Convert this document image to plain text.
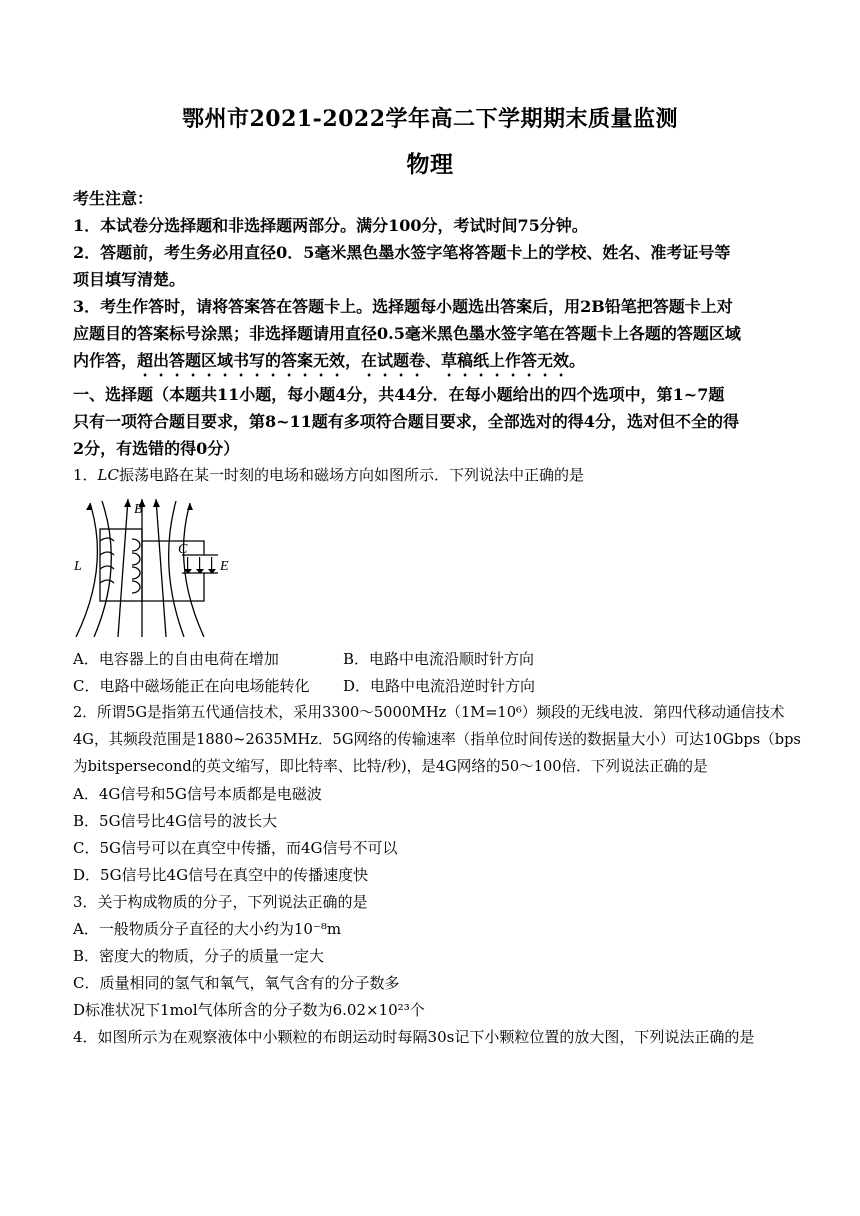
鄂州市2021-2022学年高二下学期期末质量监测
物理
考生注意：
1．本试卷分选择题和非选择题两部分。满分100分，考试时间75分钟。
2．答题前，考生务必用直径0．5毫米黑色墨水签字笔将答题卡上的学校、姓名、准考证号等
项目填写清楚。
3．考生作答时，请将答案答在答题卡上。选择题每小题选出答案后，用2B铅笔把答题卡上对
应题目的答案标号涂黑；非选择题请用直径0.5毫米黑色墨水签字笔在答题卡上各题的答题区域
内作答，超出答题区域书写的答案无效，在试题卷、草稿纸上作答无效。
一、选择题（本题共11小题，每小题4分，共44分．在每小题给出的四个选项中，第1~7题
只有一项符合题目要求，第8~11题有多项符合题目要求，全部选对的得4分，选对但不全的得
2分，有选错的得0分）
1．LC振荡电路在某一时刻的电场和磁场方向如图所示．下列说法中正确的是
B
C
L	E
A．电容器上的自由电荷在增加	B．电路中电流沿顺时针方向
C．电路中磁场能正在向电场能转化	D．电路中电流沿逆时针方向
2．所谓5G是指第五代通信技术，采用3300～5000MHz（1M=10⁶）频段的无线电波．第四代移动通信技术
4G，其频段范围是1880~2635MHz．5G网络的传输速率（指单位时间传送的数据量大小）可达10Gbps（bps
为bitspersecond的英文缩写，即比特率、比特/秒)，是4G网络的50～100倍．下列说法正确的是
A．4G信号和5G信号本质都是电磁波
B．5G信号比4G信号的波长大
C．5G信号可以在真空中传播，而4G信号不可以
D．5G信号比4G信号在真空中的传播速度快
3．关于构成物质的分子，下列说法正确的是
A．一般物质分子直径的大小约为10⁻⁸m
B．密度大的物质，分子的质量一定大
C．质量相同的氢气和氧气，氧气含有的分子数多
D标准状况下1mol气体所含的分子数为6.02×10²³个
4．如图所示为在观察液体中小颗粒的布朗运动时每隔30s记下小颗粒位置的放大图，下列说法正确的是
